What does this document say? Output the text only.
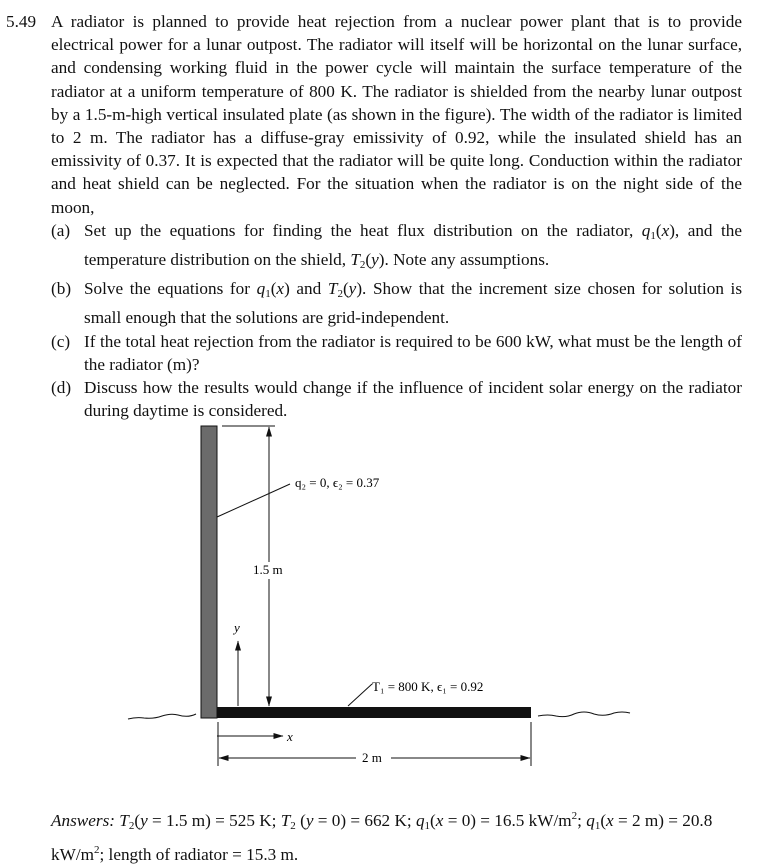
5.49 A radiator is planned to provide heat rejection from a nuclear power plant that is to provide electrical power for a lunar outpost. The radiator will itself will be horizontal on the lunar surface, and condensing working fluid in the power cycle will maintain the surface temperature of the radiator at a uniform temperature of 800 K. The radiator is shielded from the nearby lunar outpost by a 1.5-m-high vertical insulated plate (as shown in the figure). The width of the radiator is limited to 2 m. The radiator has a diffuse-gray emissivity of 0.92, while the insulated shield has an emissivity of 0.37. It is expected that the radiator will be quite long. Conduction within the radiator and heat shield can be neglected. For the situation when the radiator is on the night side of the moon,
(a) Set up the equations for finding the heat flux distribution on the radiator, $q_1(x)$, and the temperature distribution on the shield, $T_2(y)$. Note any assumptions.
(b) Solve the equations for $q_1(x)$ and $T_2(y)$. Show that the increment size chosen for solution is small enough that the solutions are grid-independent.
(c) If the total heat rejection from the radiator is required to be 600 kW, what must be the length of the radiator (m)?
(d) Discuss how the results would change if the influence of incident solar energy on the radiator during daytime is considered.
1.5 m
q₂ = 0, ϵ₂ = 0.37
y
T₁ = 800 K, ϵ₁ = 0.92
x
2 m
Answers: $T_2(y = 1.5$ m) = 525 K; $T_2$ (y = 0) = 662 K; $q_1(x = 0) = 16.5$ $kW/m^2$; $q_1(x = 2$ m) = 20.8 $kW/m^2$; length of radiator = 15.3 m.
